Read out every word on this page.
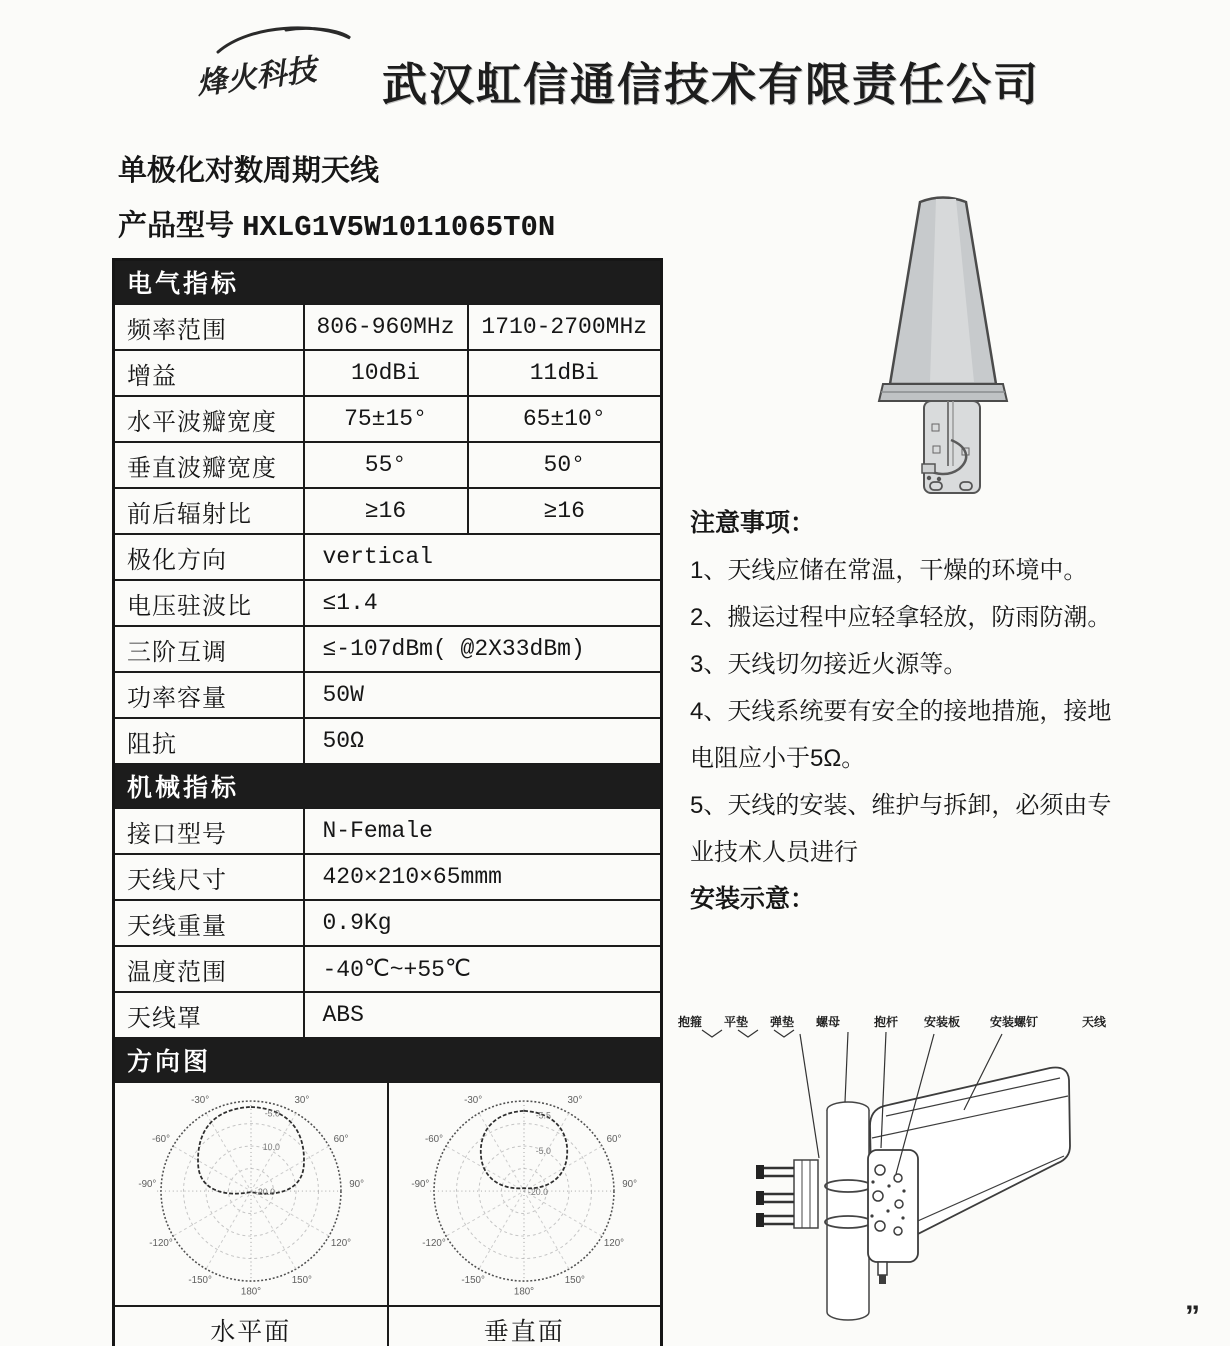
烽火科技 武汉虹信通信技术有限责任公司
单极化对数周期天线
产品型号 HXLG1V5W1011065T0N
电气指标		
频率范围	806-960MHz	1710-2700MHz
增益	10dBi	11dBi
水平波瓣宽度	75±15°	65±10°
垂直波瓣宽度	55°	50°
前后辐射比	≥16	≥16
极化方向	vertical	
电压驻波比	≤1.4	
三阶互调	≤-107dBm( @2X33dBm)	
功率容量	50W	
阻抗	50Ω	
机械指标		
接口型号	N-Female	
天线尺寸	420×210×65mmm	
天线重量	0.9Kg	
温度范围	-40℃~+55℃	
天线罩	ABS	
方向图		

-30°	30°
-60°	60°
-90°	90°
-120°	120°
-150°	150°
180°
-5.0
10.0
-20.0
-30°	30°
-60°	60°
-90°	90°
-120°	120°
-150°	150°
180°
-5.5
-5.0
-20.0

水平面 垂直面		

注意事项：

1、天线应储在常温，干燥的环境中。

2、搬运过程中应轻拿轻放，防雨防潮。

3、天线切勿接近火源等。

4、天线系统要有安全的接地措施，接地电阻应小于5Ω。

5、天线的安装、维护与拆卸，必须由专业技术人员进行

安装示意：

抱箍 平垫 弹垫 螺母	抱杆 安装板 安装螺钉	天线
”
